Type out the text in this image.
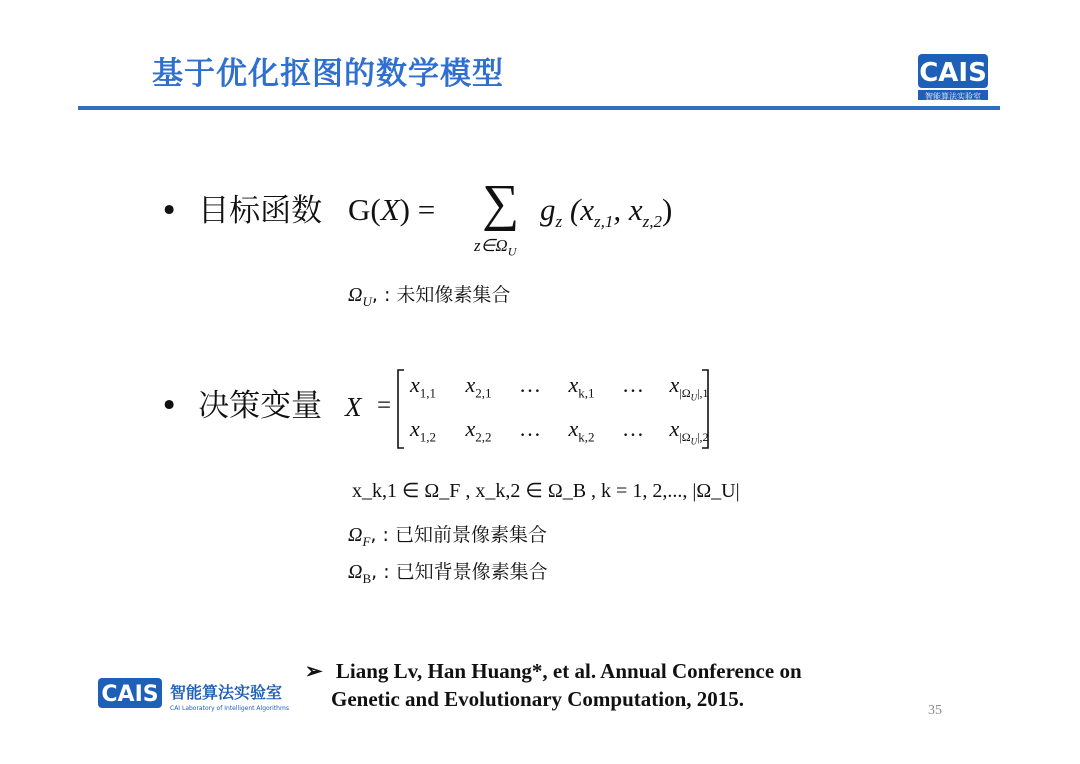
基于优化抠图的数学模型	CAIS
智能算法实验室
• 目标函数 G(X) = ∑
$z\in\Omega_U$
$g_z$ ($x_{z,1}$, $x_{z,2}$)
$\Omega_U$, : 未知像素集合
• 决策变量 X =
$x_{1,1}$ $x_{2,1}$ … $x_{k,1}$ … $x_{|\Omega_U|,1}$
$x_{1,2}$ $x_{2,2}$ … $x_{k,2}$ … $x_{|\Omega_U|,2}$
x_k,1 ∈ Ω_F , x_k,2 ∈ Ω_B , k = 1, 2,..., |Ω_U|
$\Omega_F$, : 已知前景像素集合
$\Omega_B$, : 已知背景像素集合
CAIS 智能算法实验室
CAI Laboratory of Intelligent Algorithms
➢ Liang Lv, Han Huang*, et al. Annual Conference on
Genetic and Evolutionary Computation, 2015.	35
